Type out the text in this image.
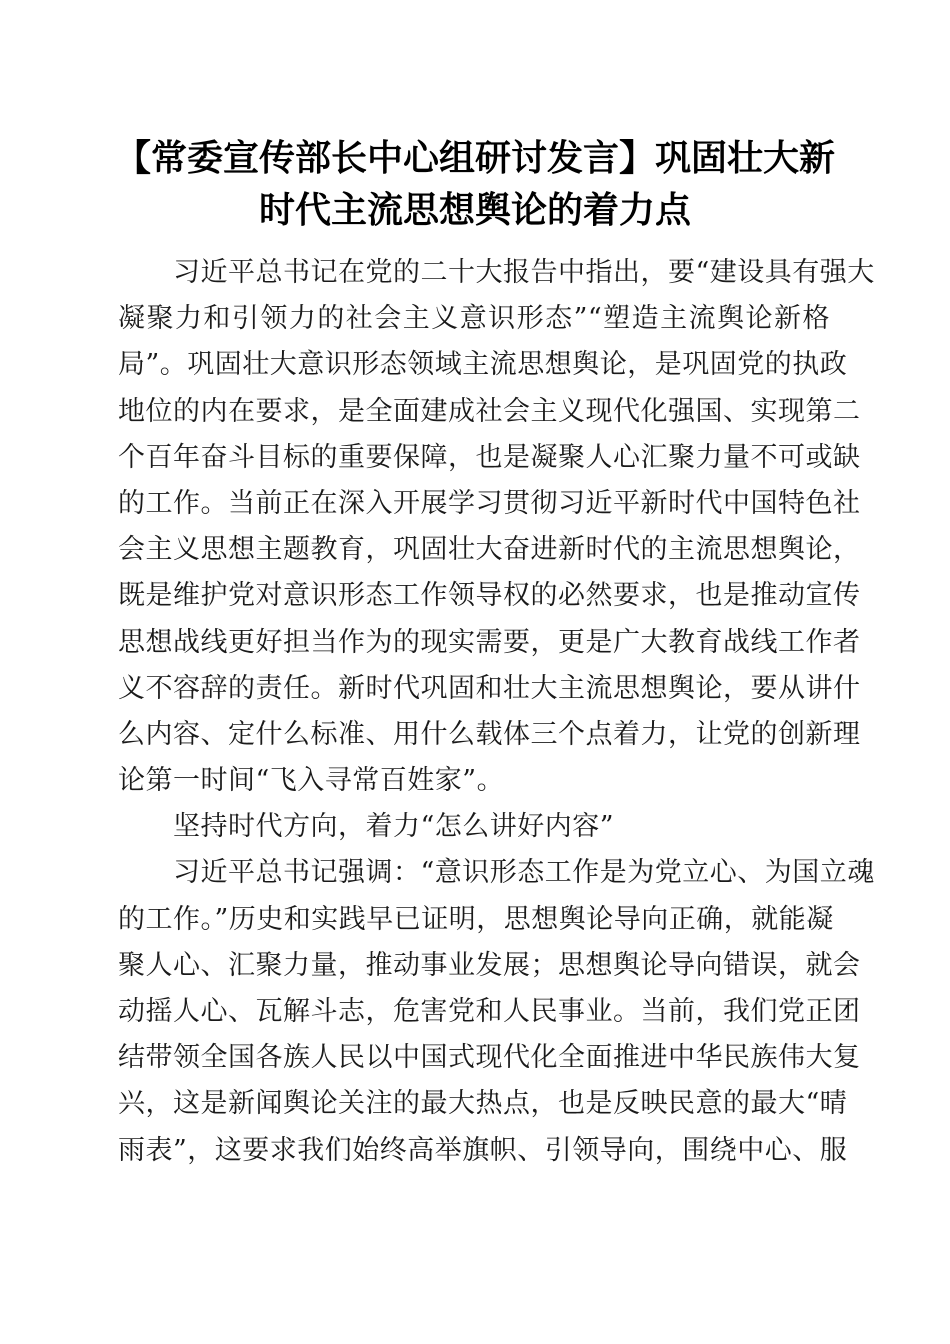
【常委宣传部长中心组研讨发言】巩固壮大新
时代主流思想舆论的着力点
　　习近平总书记在党的二十大报告中指出，要“建设具有强大
凝聚力和引领力的社会主义意识形态”“塑造主流舆论新格
局”。巩固壮大意识形态领域主流思想舆论，是巩固党的执政
地位的内在要求，是全面建成社会主义现代化强国、实现第二
个百年奋斗目标的重要保障，也是凝聚人心汇聚力量不可或缺
的工作。当前正在深入开展学习贯彻习近平新时代中国特色社
会主义思想主题教育，巩固壮大奋进新时代的主流思想舆论，
既是维护党对意识形态工作领导权的必然要求，也是推动宣传
思想战线更好担当作为的现实需要，更是广大教育战线工作者
义不容辞的责任。新时代巩固和壮大主流思想舆论，要从讲什
么内容、定什么标准、用什么载体三个点着力，让党的创新理
论第一时间“飞入寻常百姓家”。
　　坚持时代方向，着力“怎么讲好内容”
　　习近平总书记强调：“意识形态工作是为党立心、为国立魂
的工作。”历史和实践早已证明，思想舆论导向正确，就能凝
聚人心、汇聚力量，推动事业发展；思想舆论导向错误，就会
动摇人心、瓦解斗志，危害党和人民事业。当前，我们党正团
结带领全国各族人民以中国式现代化全面推进中华民族伟大复
兴，这是新闻舆论关注的最大热点，也是反映民意的最大“晴
雨表”，这要求我们始终高举旗帜、引领导向，围绕中心、服
